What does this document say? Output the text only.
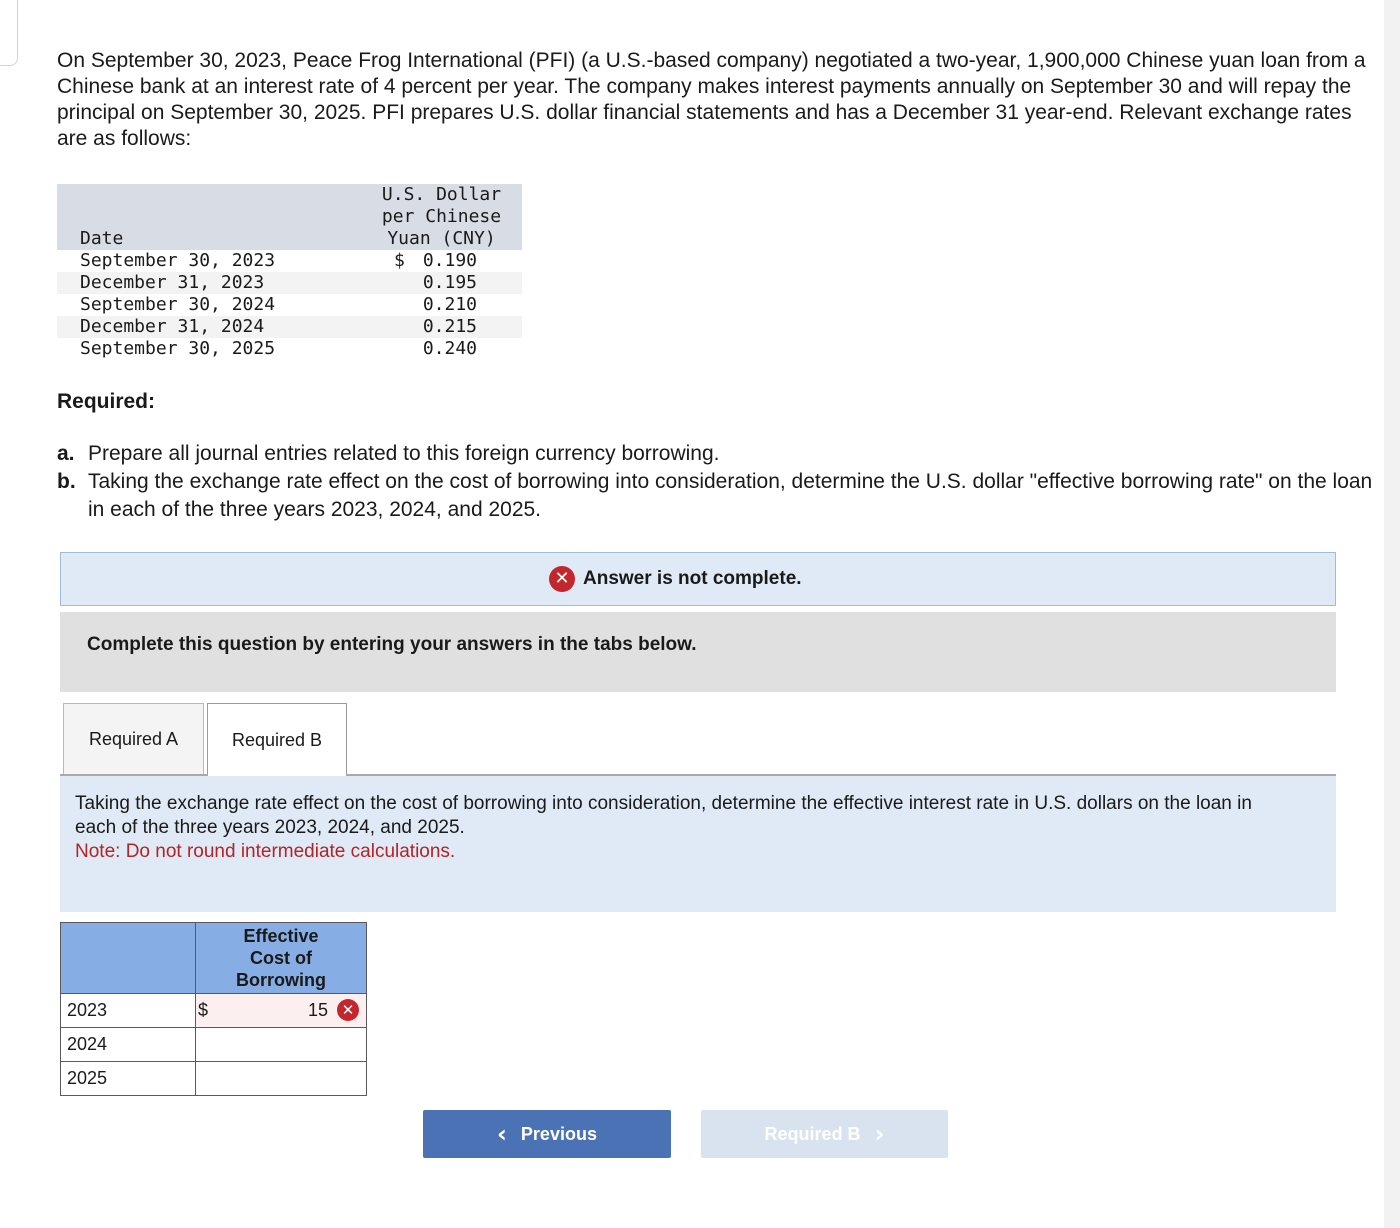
On September 30, 2023, Peace Frog International (PFI) (a U.S.-based company) negotiated a two-year, 1,900,000 Chinese yuan loan from a Chinese bank at an interest rate of 4 percent per year. The company makes interest payments annually on September 30 and will repay the principal on September 30, 2025. PFI prepares U.S. dollar financial statements and has a December 31 year-end. Relevant exchange rates are as follows:

Date
U.S. Dollar
per Chinese
Yuan (CNY)
September 30, 2023	$ 0.190
December 31, 2023	0.195
September 30, 2024	0.210
December 31, 2024	0.215
September 30, 2025	0.240
Required:
a. Prepare all journal entries related to this foreign currency borrowing.
b. Taking the exchange rate effect on the cost of borrowing into consideration, determine the U.S. dollar "effective borrowing rate" on the loan in each of the three years 2023, 2024, and 2025.
✕ Answer is not complete.
Complete this question by entering your answers in the tabs below.
Required A	Required B

Taking the exchange rate effect on the cost of borrowing into consideration, determine the effective interest rate in U.S. dollars on the loan in each of the three years 2023, 2024, and 2025.
Note: Do not round intermediate calculations.

	Effective
Cost of
Borrowing

2023	$ 15 ✕

2024	
2025	
‹ Previous	Required B ›
